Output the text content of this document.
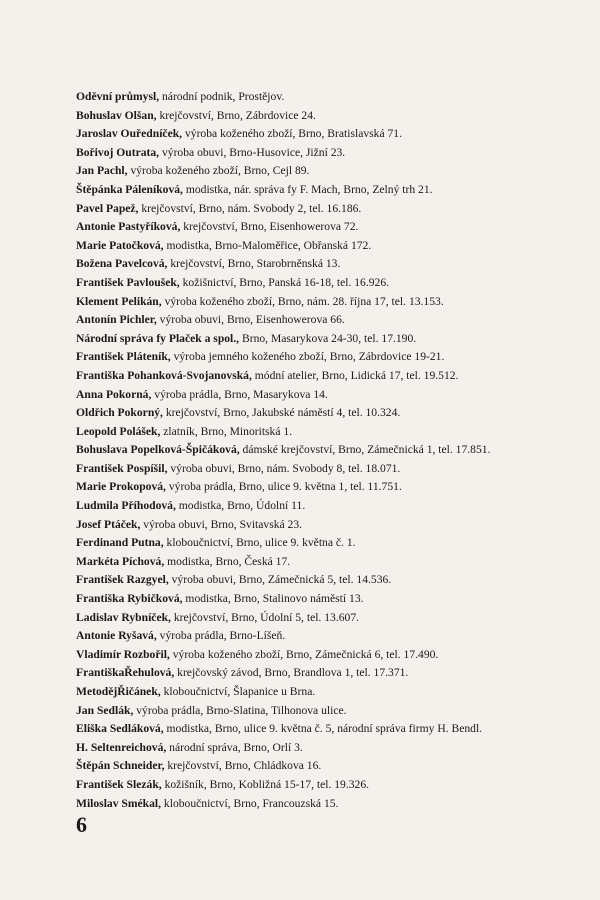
Oděvní průmysl, národní podnik, Prostějov.
Bohuslav Olšan, krejčovství, Brno, Zábrdovice 24.
Jaroslav Ouředníček, výroba koženého zboží, Brno, Bratislavská 71.
Bořivoj Outrata, výroba obuvi, Brno-Husovice, Jižní 23.
Jan Pachl, výroba koženého zboží, Brno, Cejl 89.
Štěpánka Páleníková, modistka, nár. správa fy F. Mach, Brno, Zelný trh 21.
Pavel Papež, krejčovství, Brno, nám. Svobody 2, tel. 16.186.
Antonie Pastyříková, krejčovství, Brno, Eisenhowerova 72.
Marie Patočková, modistka, Brno-Maloměřice, Obřanská 172.
Božena Pavelcová, krejčovství, Brno, Starobrněnská 13.
František Pavloušek, kožišnictví, Brno, Panská 16-18, tel. 16.926.
Klement Pelikán, výroba koženého zboží, Brno, nám. 28. října 17, tel. 13.153.
Antonín Pichler, výroba obuvi, Brno, Eisenhowerova 66.
Národní správa fy Plaček a spol., Brno, Masarykova 24-30, tel. 17.190.
František Pláteník, výroba jemného koženého zboží, Brno, Zábrdovice 19-21.
Františka Pohanková-Svojanovská, módní atelier, Brno, Lidická 17, tel. 19.512.
Anna Pokorná, výroba prádla, Brno, Masarykova 14.
Oldřich Pokorný, krejčovství, Brno, Jakubské náměstí 4, tel. 10.324.
Leopold Polášek, zlatník, Brno, Minoritská 1.
Bohuslava Popelková-Špičáková, dámské krejčovství, Brno, Zámečnická 1, tel. 17.851.
František Pospíšil, výroba obuvi, Brno, nám. Svobody 8, tel. 18.071.
Marie Prokopová, výroba prádla, Brno, ulice 9. května 1, tel. 11.751.
Ludmila Příhodová, modistka, Brno, Údolní 11.
Josef Ptáček, výroba obuvi, Brno, Svitavská 23.
Ferdinand Putna, kloboučnictví, Brno, ulice 9. května č. 1.
Markéta Píchová, modistka, Brno, Česká 17.
František Razgyel, výroba obuvi, Brno, Zámečnická 5, tel. 14.536.
Františka Rybičková, modistka, Brno, Stalinovo náměstí 13.
Ladislav Rybníček, krejčovství, Brno, Údolní 5, tel. 13.607.
Antonie Ryšavá, výroba prádla, Brno-Líšeň.
Vladimír Rozbořil, výroba koženého zboží, Brno, Zámečnická 6, tel. 17.490.
FrantiškaŘehulová, krejčovský závod, Brno, Brandlova 1, tel. 17.371.
MetodějŘičánek, kloboučnictví, Šlapanice u Brna.
Jan Sedlák, výroba prádla, Brno-Slatina, Tilhonova ulice.
Eliška Sedláková, modistka, Brno, ulice 9. května č. 5, národní správa firmy H. Bendl.
H. Seltenreichová, národní správa, Brno, Orlí 3.
Štěpán Schneider, krejčovství, Brno, Chládkova 16.
František Slezák, kožišník, Brno, Kobližná 15-17, tel. 19.326.
Miloslav Smékal, kloboučnictví, Brno, Francouzská 15.
6
